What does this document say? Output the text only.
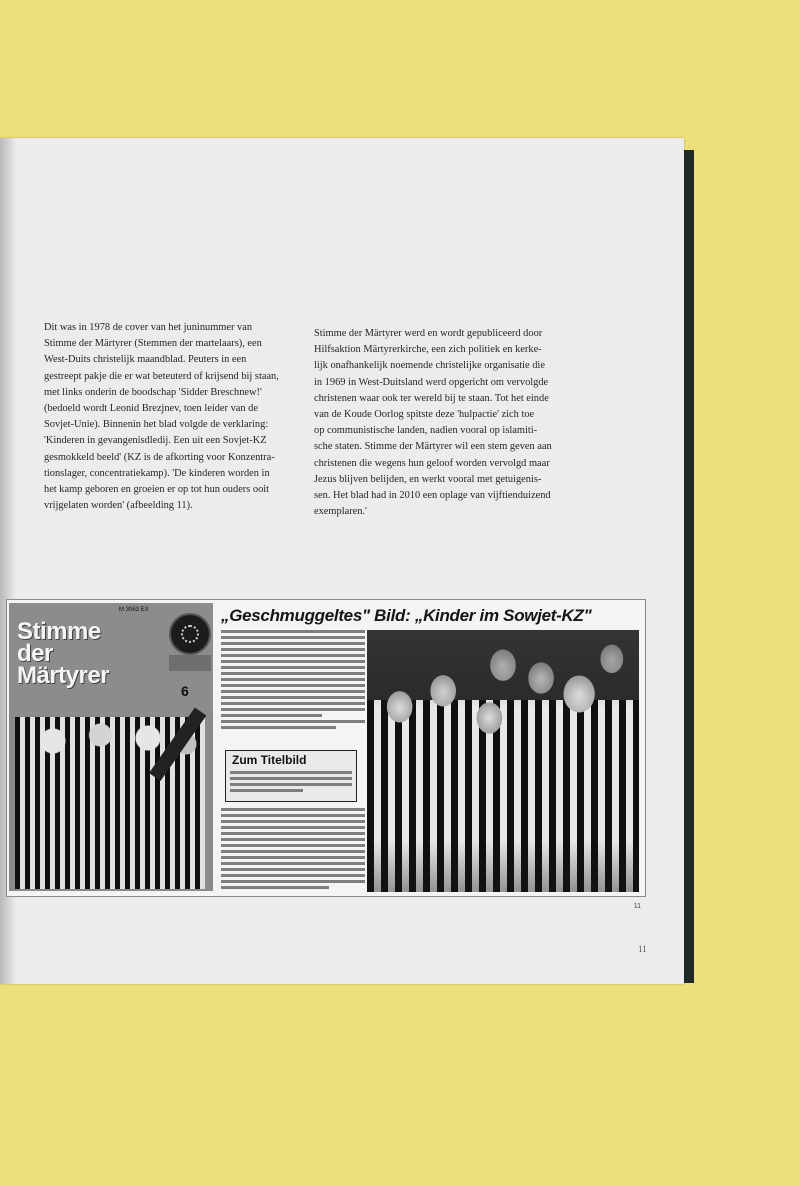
Dit was in 1978 de cover van het juninummer van

Stimme der Märtyrer (Stemmen der martelaars), een

West-Duits christelijk maandblad. Peuters in een

gestreept pakje die er wat beteuterd of krijsend bij staan,

met links onderin de boodschap 'Sidder Breschnew!'

(bedoeld wordt Leonid Brezjnev, toen leider van de

Sovjet-Unie). Binnenin het blad volgde de verklaring:

'Kinderen in gevangenisdledij. Een uit een Sovjet-KZ

gesmokkeld beeld' (KZ is de afkorting voor Konzentra-

tionslager, concentratiekamp). 'De kinderen worden in

het kamp geboren en groeien er op tot hun ouders ooit

vrijgelaten worden' (afbeelding 11).

Stimme der Märtyrer werd en wordt gepubliceerd door

Hilfsaktion Märtyrerkirche, een zich politiek en kerke-

lijk onafhankelijk noemende christelijke organisatie die

in 1969 in West-Duitsland werd opgericht om vervolgde

christenen waar ook ter wereld bij te staan. Tot het einde

van de Koude Oorlog spitste deze 'hulpactie' zich toe

op communistische landen, nadien vooral op islamiti-

sche staten. Stimme der Märtyrer wil een stem geven aan

christenen die wegens hun geloof worden vervolgd maar

Jezus blijven belijden, en werkt vooral met getuigenis-

sen. Het blad had in 2010 een oplage van vijftienduizend

exemplaren.'

M 3063 EX
Stimme
der
Märtyrer
6
„Geschmuggeltes" Bild: „Kinder im Sowjet-KZ"
Zum Titelbild
11
11
